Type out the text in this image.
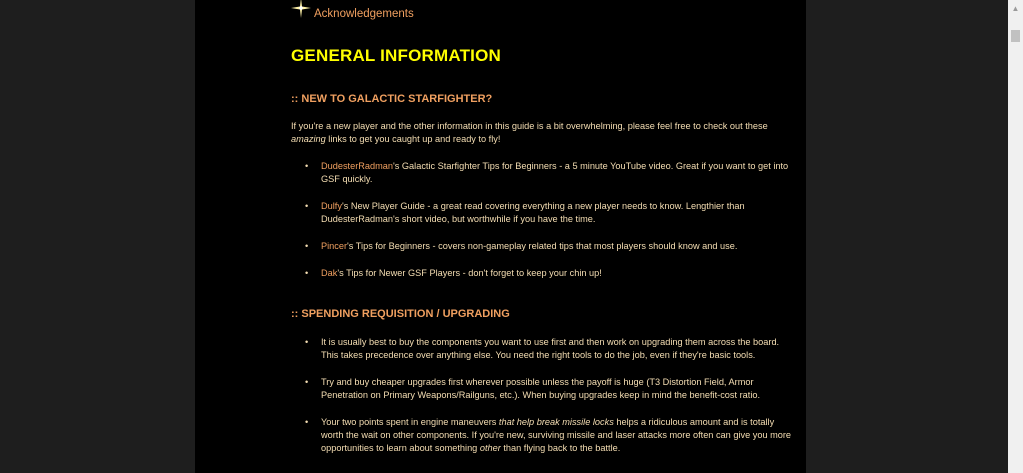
Acknowledgements
GENERAL INFORMATION
:: NEW TO GALACTIC STARFIGHTER?

If you're a new player and the other information in this guide is a bit overwhelming, please feel free to check out these amazing links to get you caught up and ready to fly!

• DudesterRadman's Galactic Starfighter Tips for Beginners - a 5 minute YouTube video. Great if you want to get into GSF quickly.
• Dulfy's New Player Guide - a great read covering everything a new player needs to know. Lengthier than DudesterRadman's short video, but worthwhile if you have the time.
• Pincer's Tips for Beginners - covers non-gameplay related tips that most players should know and use.
• Dak's Tips for Newer GSF Players - don't forget to keep your chin up!
:: SPENDING REQUISITION / UPGRADING
• It is usually best to buy the components you want to use first and then work on upgrading them across the board. This takes precedence over anything else. You need the right tools to do the job, even if they're basic tools.
• Try and buy cheaper upgrades first wherever possible unless the payoff is huge (T3 Distortion Field, Armor Penetration on Primary Weapons/Railguns, etc.). When buying upgrades keep in mind the benefit-cost ratio.
• Your two points spent in engine maneuvers that help break missile locks helps a ridiculous amount and is totally worth the wait on other components. If you're new, surviving missile and laser attacks more often can give you more opportunities to learn about something other than flying back to the battle.
▲
